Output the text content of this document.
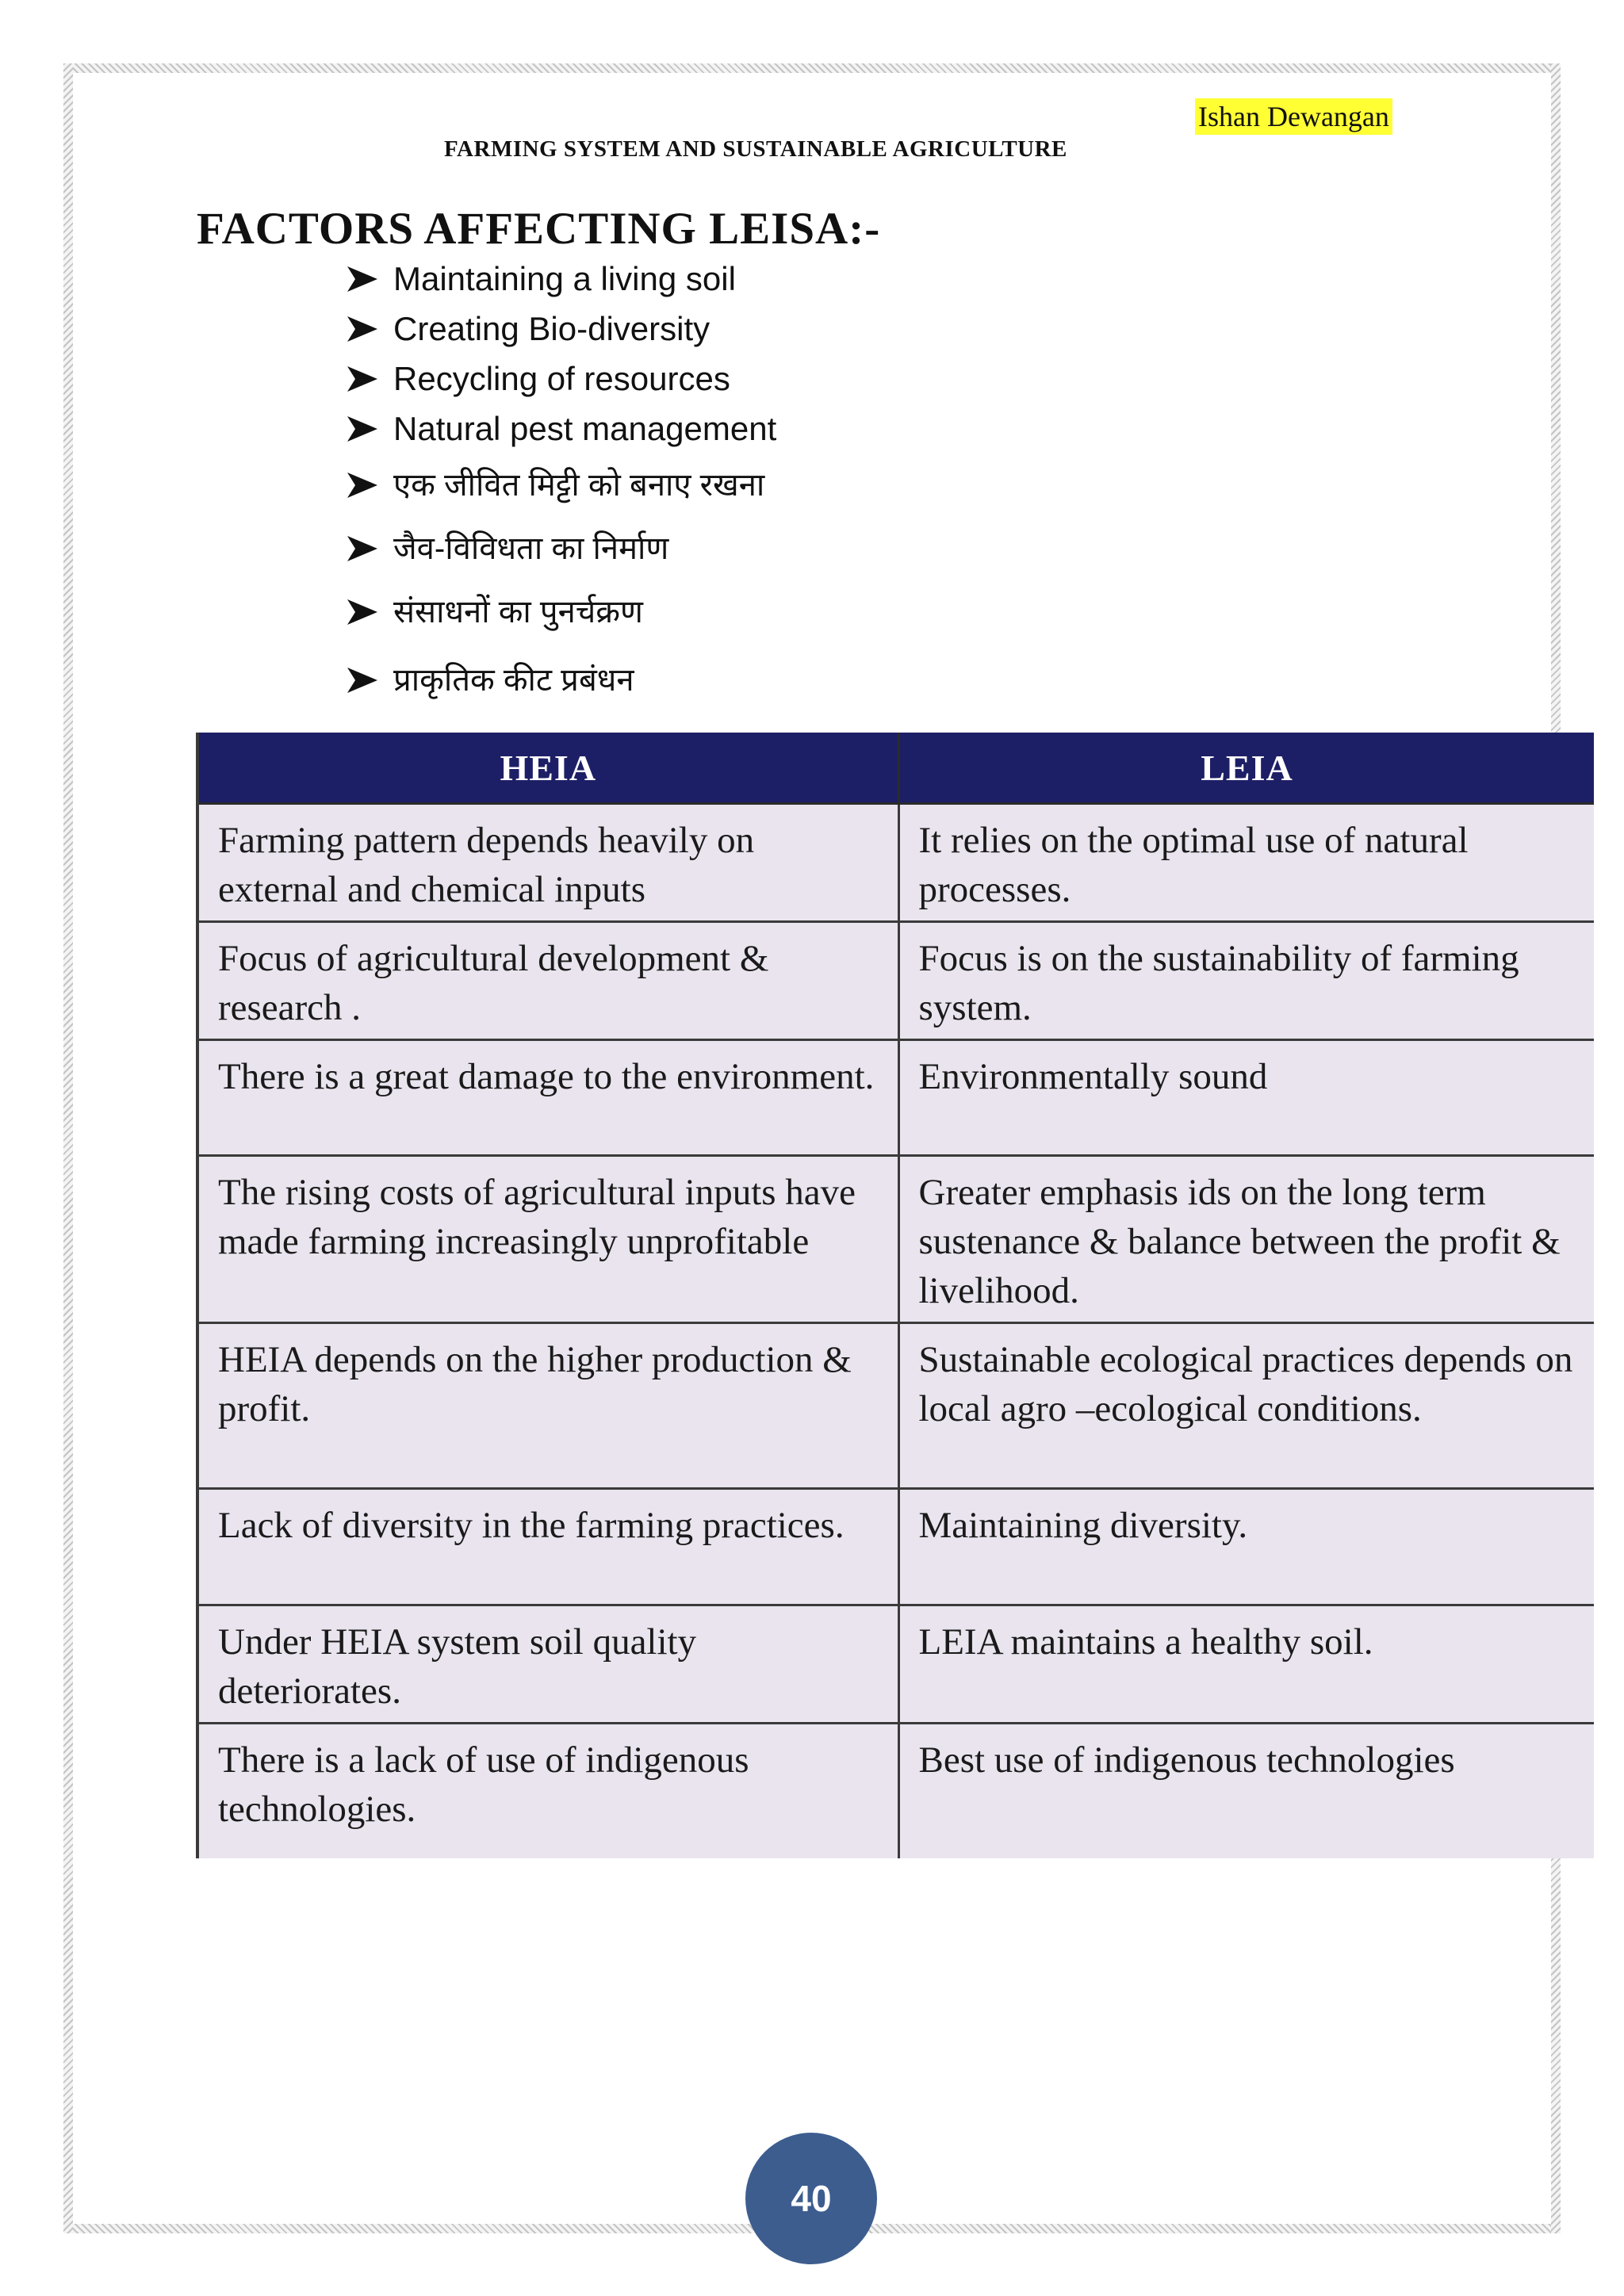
Ishan Dewangan
FARMING SYSTEM AND SUSTAINABLE AGRICULTURE
FACTORS AFFECTING LEISA:-
Maintaining a living soil
Creating Bio-diversity
Recycling of resources
Natural pest management
एक जीवित मिट्टी को बनाए रखना
जैव-विविधता का निर्माण
संसाधनों का पुनर्चक्रण
प्राकृतिक कीट प्रबंधन
HEIA	LEIA
Farming pattern depends heavily on external and chemical inputs	It relies on the optimal use of natural processes.
Focus of agricultural development & research .	Focus is on the sustainability of farming system.
There is a great damage to the environment.	Environmentally sound
The rising costs of agricultural inputs have made farming increasingly unprofitable	Greater emphasis ids on the long term sustenance & balance between the profit & livelihood.
HEIA depends on the higher production & profit.	Sustainable ecological practices depends on local agro –ecological conditions.
Lack of diversity in the farming practices.	Maintaining diversity.
Under HEIA system soil quality deteriorates.	LEIA maintains a healthy soil.
There is a lack of use of indigenous technologies.	Best use of indigenous technologies
40
